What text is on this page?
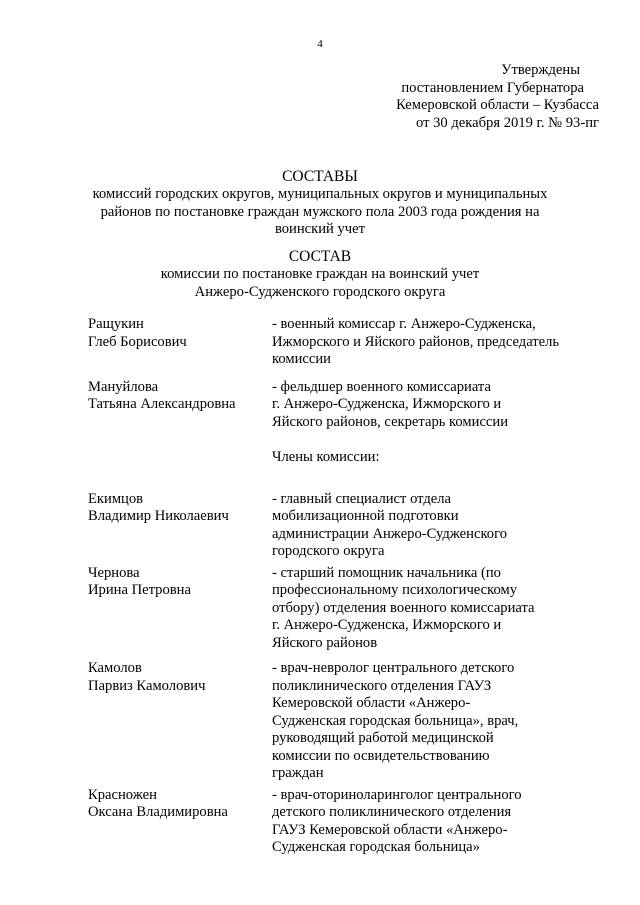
4
Утверждены
постановлением Губернатора
Кемеровской области – Кузбасса
от 30 декабря 2019 г. № 93-пг
СОСТАВЫ
комиссий городских округов, муниципальных округов и муниципальных
районов по постановке граждан мужского пола 2003 года рождения на
воинский учет
СОСТАВ
комиссии по постановке граждан на воинский учет
Анжеро-Судженского городского округа
Ращукин
Глеб Борисович
- военный комиссар г. Анжеро-Судженска,
Ижморского и Яйского районов, председатель
комиссии
Мануйлова
Татьяна Александровна
- фельдшер военного комиссариата
г. Анжеро-Судженска, Ижморского и
Яйского районов, секретарь комиссии
Члены комиссии:
Екимцов
Владимир Николаевич
- главный специалист отдела
мобилизационной подготовки
администрации Анжеро-Судженского
городского округа
Чернова
Ирина Петровна
- старший помощник начальника (по
профессиональному психологическому
отбору) отделения военного комиссариата
г. Анжеро-Судженска, Ижморского и
Яйского районов
Камолов
Парвиз Камолович
- врач-невролог центрального детского
поликлинического отделения ГАУЗ
Кемеровской области «Анжеро-
Судженская городская больница», врач,
руководящий работой медицинской
комиссии по освидетельствованию
граждан
Красножен
Оксана Владимировна
- врач-оториноларинголог центрального
детского поликлинического отделения
ГАУЗ Кемеровской области «Анжеро-
Судженская городская больница»
